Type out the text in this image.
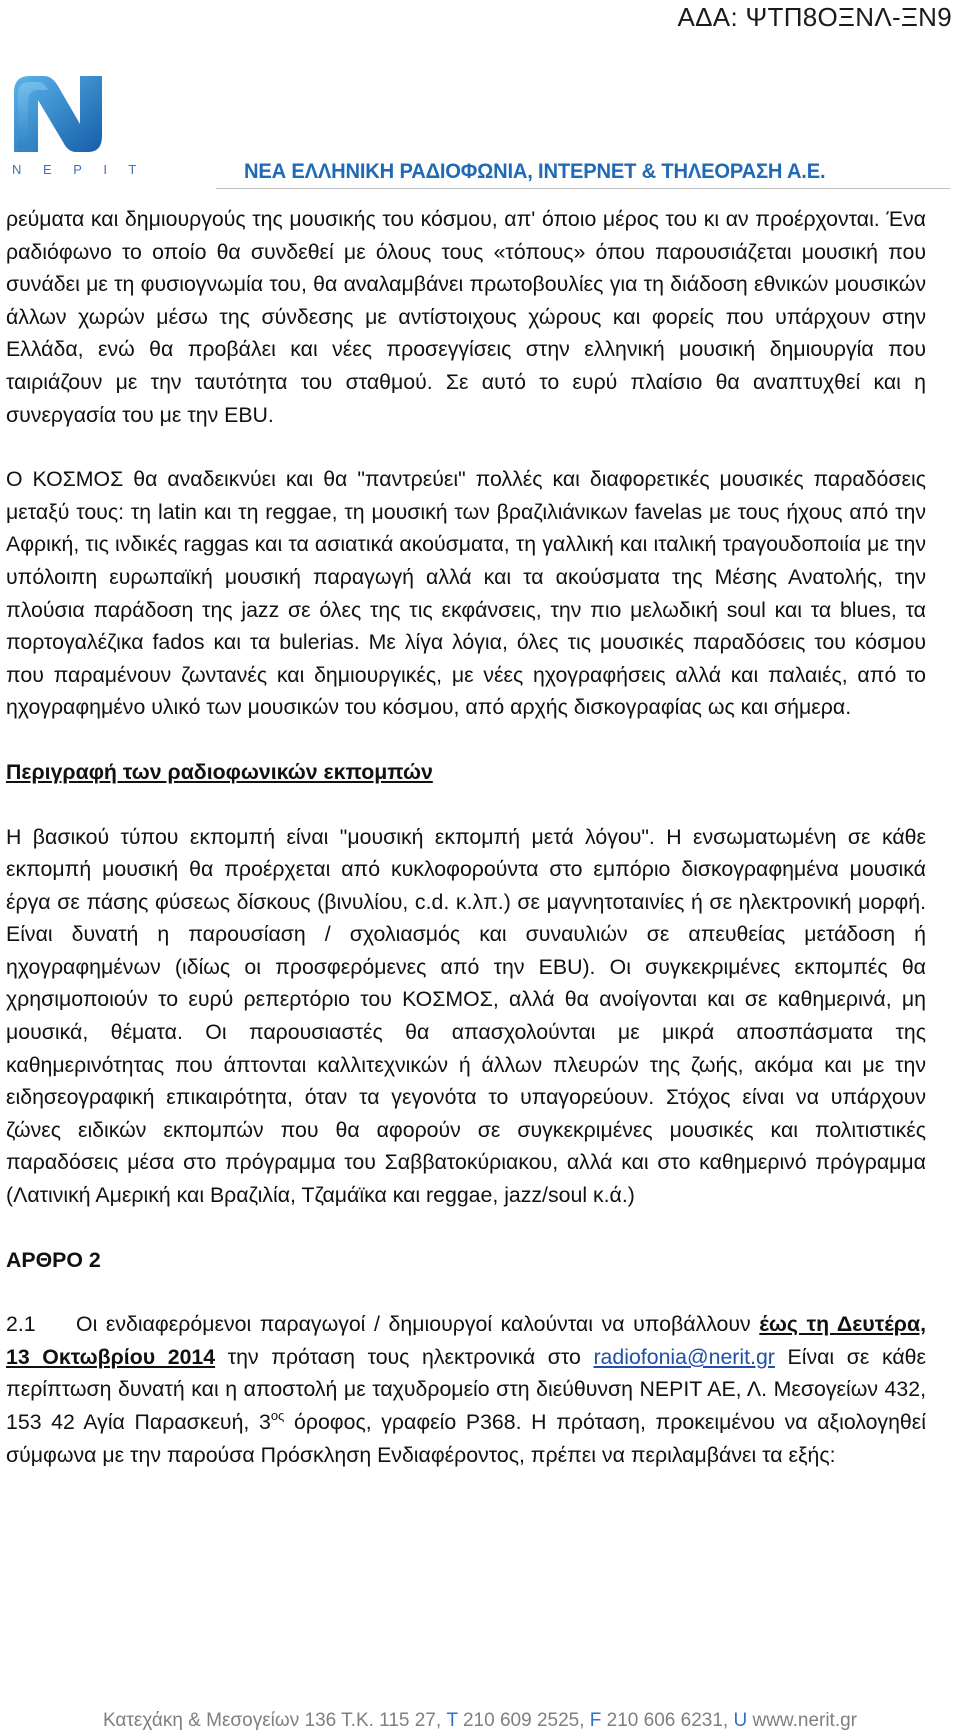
ΑΔΑ: ΨΤΠ8ΟΞΝΛ-ΞΝ9
N E P I T	ΝΕΑ ΕΛΛΗΝΙΚΗ ΡΑΔΙΟΦΩΝΙΑ, ΙΝΤΕΡΝΕΤ & ΤΗΛΕΟΡΑΣΗ Α.Ε.

ρεύματα και δημιουργούς της μουσικής του κόσμου, απ' όποιο μέρος του κι αν προέρχονται. Ένα ραδιόφωνο το οποίο θα συνδεθεί με όλους τους «τόπους» όπου παρουσιάζεται μουσική που συνάδει με τη φυσιογνωμία του, θα αναλαμβάνει πρωτοβουλίες για τη διάδοση εθνικών μουσικών άλλων χωρών μέσω της σύνδεσης με αντίστοιχους χώρους και φορείς που υπάρχουν στην Ελλάδα, ενώ θα προβάλει και νέες προσεγγίσεις στην ελληνική μουσική δημιουργία που ταιριάζουν με την ταυτότητα του σταθμού. Σε αυτό το ευρύ πλαίσιο θα αναπτυχθεί και η συνεργασία του με την EBU.

Ο ΚΟΣΜΟΣ θα αναδεικνύει και θα "παντρεύει" πολλές και διαφορετικές μουσικές παραδόσεις μεταξύ τους: τη latin και τη reggae, τη μουσική των βραζιλιάνικων favelas με τους ήχους από την Αφρική, τις ινδικές raggas και τα ασιατικά ακούσματα, τη γαλλική και ιταλική τραγουδοποιία με την υπόλοιπη ευρωπαϊκή μουσική παραγωγή αλλά και τα ακούσματα της Μέσης Ανατολής, την πλούσια παράδοση της jazz σε όλες της τις εκφάνσεις, την πιο μελωδική soul και τα blues, τα πορτογαλέζικα fados και τα bulerias. Με λίγα λόγια, όλες τις μουσικές παραδόσεις του κόσμου που παραμένουν ζωντανές και δημιουργικές, με νέες ηχογραφήσεις αλλά και παλαιές, από το ηχογραφημένο υλικό των μουσικών του κόσμου, από αρχής δισκογραφίας ως και σήμερα.

Περιγραφή των ραδιοφωνικών εκπομπών

Η βασικού τύπου εκπομπή είναι "μουσική εκπομπή μετά λόγου". Η ενσωματωμένη σε κάθε εκπομπή μουσική θα προέρχεται από κυκλοφορούντα στο εμπόριο δισκογραφημένα μουσικά έργα σε πάσης φύσεως δίσκους (βινυλίου, c.d. κ.λπ.) σε μαγνητοταινίες ή σε ηλεκτρονική μορφή. Είναι δυνατή η παρουσίαση / σχολιασμός και συναυλιών σε απευθείας μετάδοση ή ηχογραφημένων (ιδίως οι προσφερόμενες από την EBU). Οι συγκεκριμένες εκπομπές θα χρησιμοποιούν το ευρύ ρεπερτόριο του ΚΟΣΜΟΣ, αλλά θα ανοίγονται και σε καθημερινά, μη μουσικά, θέματα. Οι παρουσιαστές θα απασχολούνται με μικρά αποσπάσματα της καθημερινότητας που άπτονται καλλιτεχνικών ή άλλων πλευρών της ζωής, ακόμα και με την ειδησεογραφική επικαιρότητα, όταν τα γεγονότα το υπαγορεύουν. Στόχος είναι να υπάρχουν ζώνες ειδικών εκπομπών που θα αφορούν σε συγκεκριμένες μουσικές και πολιτιστικές παραδόσεις μέσα στο πρόγραμμα του Σαββατοκύριακου, αλλά και στο καθημερινό πρόγραμμα (Λατινική Αμερική και Βραζιλία, Τζαμάϊκα και reggae, jazz/soul κ.ά.)

ΑΡΘΡΟ 2

2.1 Οι ενδιαφερόμενοι παραγωγοί / δημιουργοί καλούνται να υποβάλλουν έως τη Δευτέρα, 13 Οκτωβρίου 2014 την πρόταση τους ηλεκτρονικά στο radiofonia@nerit.gr Είναι σε κάθε περίπτωση δυνατή και η αποστολή με ταχυδρομείο στη διεύθυνση ΝΕΡΙΤ ΑΕ, Λ. Μεσογείων 432, 153 42 Αγία Παρασκευή, $3^{o\varsigma}$ όροφος, γραφείο Ρ368. Η πρόταση, προκειμένου να αξιολογηθεί σύμφωνα με την παρούσα Πρόσκληση Ενδιαφέροντος, πρέπει να περιλαμβάνει τα εξής:

Κατεχάκη & Μεσογείων 136 Τ.Κ. 115 27, T 210 609 2525, F 210 606 6231, U www.nerit.gr
